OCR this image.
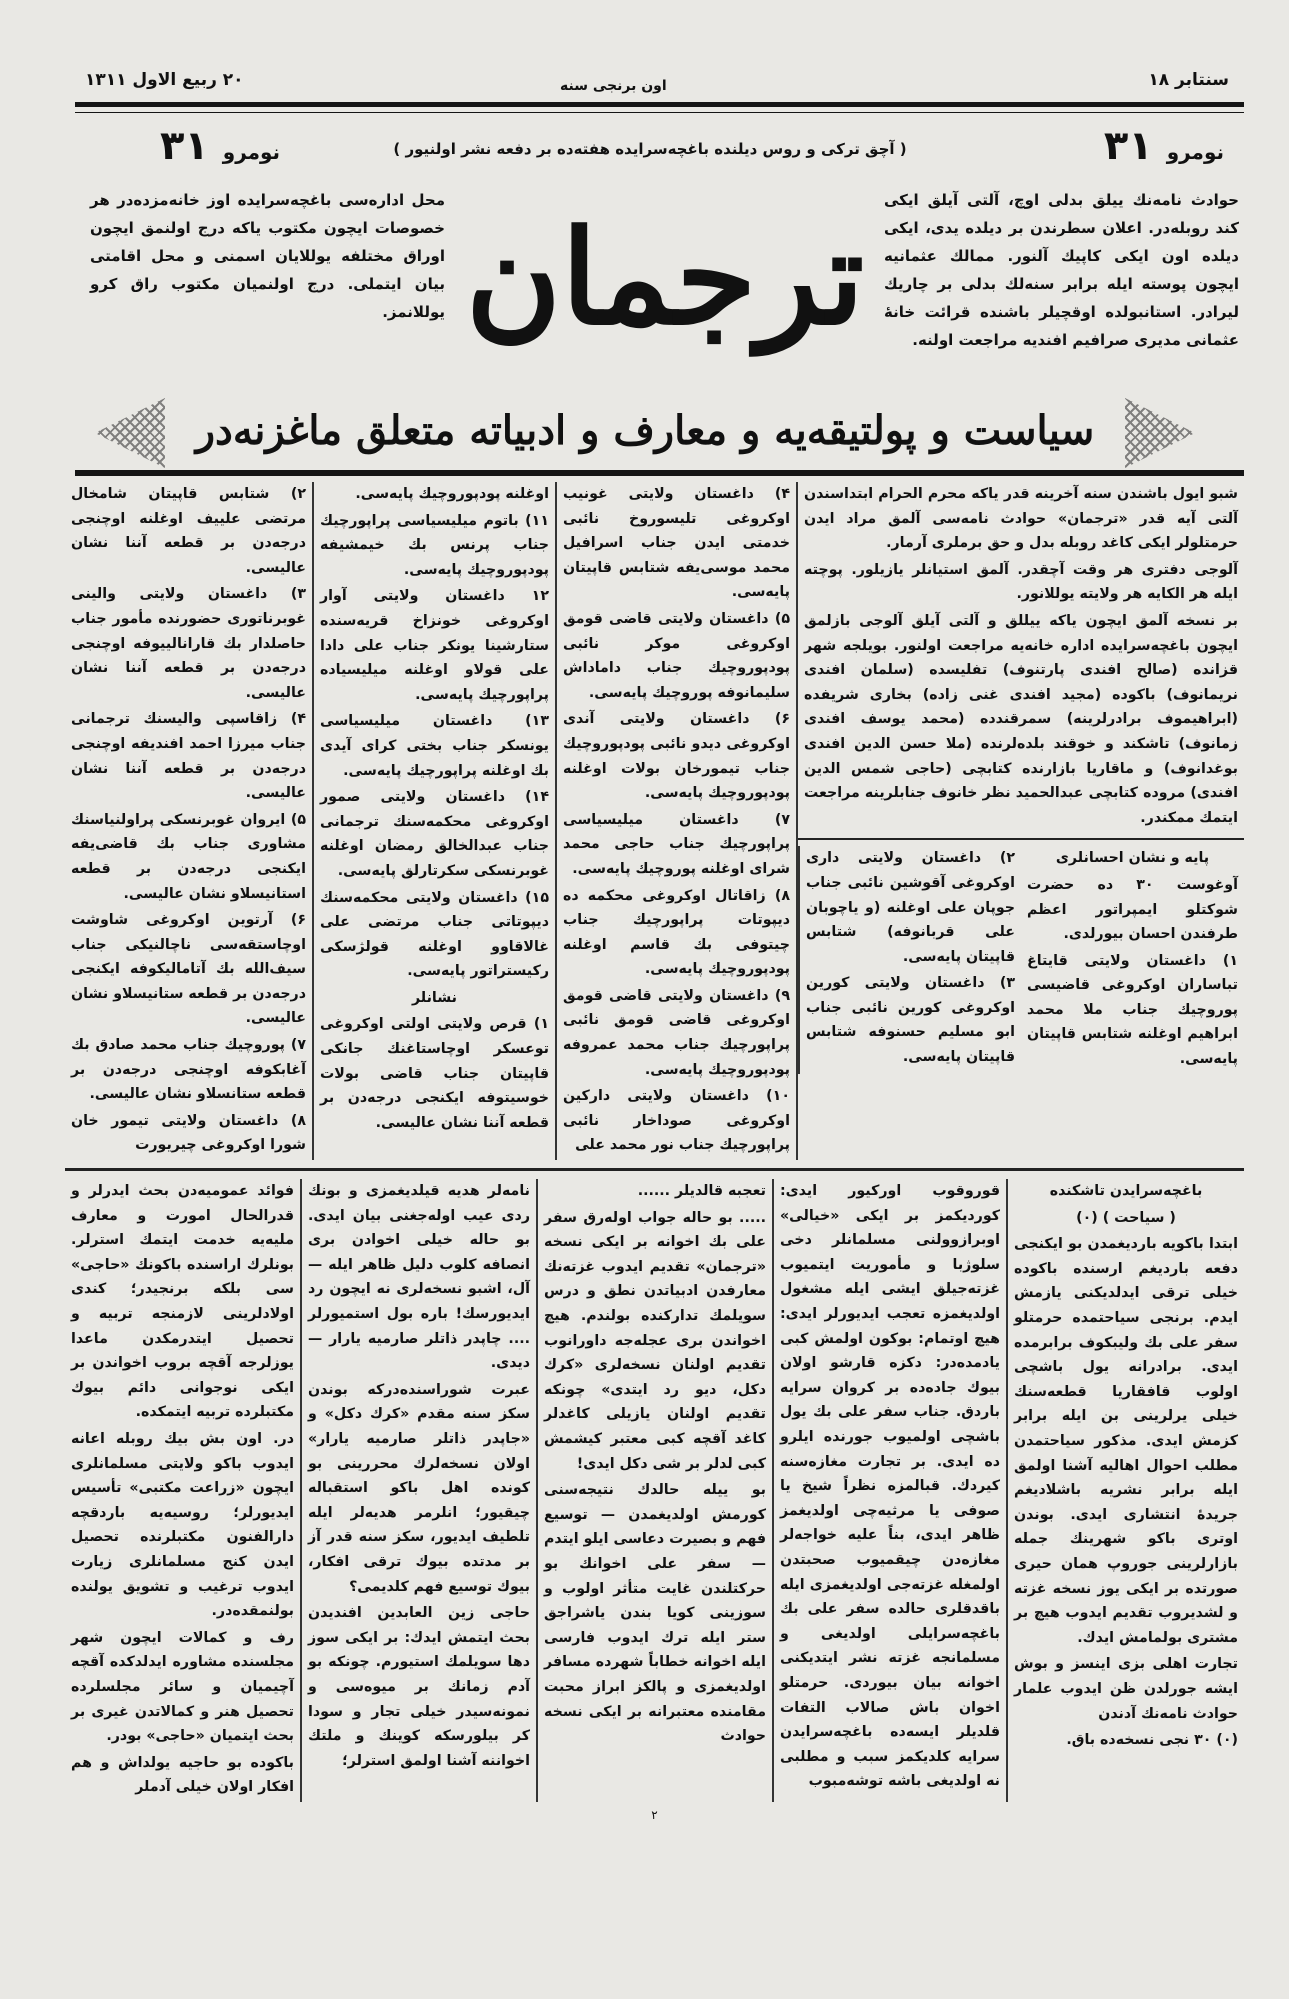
سنتابر ۱۸
اون برنجی سنه
۲۰ ربیع الاول ۱۳۱۱
نومرو ۳۱
نومرو ۳۱	( آچق ترکی و روس دیلنده باغچه‌سرایده هفته‌ده بر دفعه نشر اولنیور )
محل اداره‌سی باغچه‌سرایده اوز خانه‌مزده‌در هر خصوصات ایچون مکتوب یاکه درج اولنمق ایچون اوراق مختلفه یوللایان اسمنی و محل اقامتی بیان ایتملی. درج اولنمیان مکتوب راق کرو یوللانمز.
حوادث نامه‌نك ییلق بدلی اوچ، آلتی آیلق ایکی کند روبله‌در. اعلان سطرندن بر دیلده یدی، ایکی دیلده اون ایکی کاپیك آلنور. ممالك عثمانیه ایچون پوسته ایله برابر سنه‌لك بدلی بر چاریك لیرادر. استانبولده اوقچیلر باشنده قرائت خانهٔ عثمانی مدیری صرافیم افندیه مراجعت اولنه.
ترجمان
سیاست و پولتیقه‌یه و معارف و ادبیاته متعلق ماغزنه‌در

شبو ایول باشندن سنه آخرینه قدر یاکه محرم الحرام ابتداسندن آلتی آیه قدر «ترجمان» حوادث نامه‌سی آلمق مراد ایدن حرمتلولر ایکی کاغد روبله بدل و حق برملری آرمار.

آلوجی دفتری هر وقت آچقدر. آلمق استیانلر یازیلور. پوچته ایله هر الکایه هر ولایته یوللانور.

بر نسخه آلمق ایچون یاکه ییللق و آلتی آیلق آلوجی بازلمق ایچون باغچه‌سرایده اداره خانه‌یه مراجعت اولنور. بویلجه شهر قزانده (صالح افندی پارتنوف) تفلیسده (سلمان افندی نریمانوف) باکوده (مجید افندی غنی زاده) بخاری شریفده (ابراهیموف برادرلرینه) سمرقندده (محمد یوسف افندی زمانوف) تاشکند و خوقند بلده‌لرنده (ملا حسن الدین افندی بوغدانوف) و ماقاریا بازارنده کتابچی (حاجی شمس الدین افندی) مروده کتابچی عبدالحمید نظر خانوف جنابلرینه مراجعت ایتمك ممکندر.

پایه و نشان احسانلری

آوغوست ۳۰ ده حضرت شوکتلو ایمپراتور اعظم طرفندن احسان بیورلدی.

۱) داغستان ولایتی قایتاغ تباساران اوکروغی قاضیسی پوروچیك جناب ملا محمد ابراهیم اوغلنه شتابس قاپیتان پایه‌سی.

۲) داغستان ولایتی داری اوکروغی آقوشین نائبی جناب جوپان علی اوغلنه (و یاچوبان علی قربانوفه) شتابس قاپیتان پایه‌سی.

۳) داغستان ولایتی کورین اوکروغی کورین نائبی جناب ابو مسلیم حسنوفه شتابس قاپیتان پایه‌سی.

۴) داغستان ولایتی غونیب اوکروغی تلیسوروخ نائبی خدمتی ایدن جناب اسرافیل محمد موسی‌یفه شتابس قاپیتان پایه‌سی.

۵) داغستان ولایتی قاضی قومق اوکروغی موکر نائبی پودپوروچیك جناب داماداش سلیمانوفه پوروچیك پایه‌سی.

۶) داغستان ولایتی آندی اوکروغی دیدو نائبی پودپوروچیك جناب تیمورخان بولات اوغلنه پودپوروچیك پایه‌سی.

۷) داغستان میلیسیاسی پراپورچیك جناب حاجی محمد شرای اوغلنه پوروچیك پایه‌سی.

۸) زاقاتال اوکروغی محکمه ده دیپوتات پراپورچیك جناب چیتوفی بك قاسم اوغلنه پودپوروچیك پایه‌سی.

۹) داغستان ولایتی قاضی قومق اوکروغی قاضی قومق نائبی پراپورچیك جناب محمد عمروفه پودپوروچیك پایه‌سی.

۱۰) داغستان ولایتی دارکین اوکروغی صوداخار نائبی پراپورچیك جناب نور محمد علی

اوغلنه پودپوروچیك پایه‌سی.

۱۱) باتوم میلیسیاسی پراپورچیك جناب پرنس بك خیمشیفه پودپوروچیك پایه‌سی.

۱۲ داغستان ولایتی آوار اوکروغی خونزاخ قریه‌سنده ستارشینا یونکر جناب علی دادا علی قولاو اوغلنه میلیسیاده پراپورچیك پایه‌سی.

۱۳) داغستان میلیسیاسی یونسکر جناب بختی کرای آیدی بك اوغلنه پراپورچیك پایه‌سی.

۱۴) داغستان ولایتی صمور اوکروغی محکمه‌سنك ترجمانی جناب عبدالخالق رمضان اوغلنه غوبرنسکی سکرتارلق پایه‌سی.

۱۵) داغستان ولایتی محکمه‌سنك دیپوتاتی جناب مرتضی علی غالاقاوو اوغلنه قولژسکی رکیستراتور پایه‌سی.

نشانلر

۱) قرص ولایتی اولتی اوکروغی توعسکر اوچاستاغنك جانکی قاپیتان جناب قاضی بولات خوسیتوفه ایکنجی درجه‌دن بر قطعه آننا نشان عالیسی.

۲) شتابس قاپیتان شامخال مرتضی علییف اوغلنه اوچنجی درجه‌دن بر قطعه آننا نشان عالیسی.

۳) داغستان ولایتی والینی غوبرناتوری حضورنده مأمور جناب حاصلدار بك قارانالییوفه اوچنجی درجه‌دن بر قطعه آننا نشان عالیسی.

۴) زاقاسپی والیسنك ترجمانی جناب میرزا احمد افندیفه اوچنجی درجه‌دن بر قطعه آننا نشان عالیسی.

۵) ایروان غوبرنسکی پراولنیاسنك مشاوری جناب بك قاضی‌یفه ایکنجی درجه‌دن بر قطعه استانیسلاو نشان عالیسی.

۶) آرتوین اوکروغی شاوشت اوچاستقه‌سی ناچالنیکی جناب سیف‌الله بك آتامالیکوفه ایکنجی درجه‌دن بر قطعه ستانیسلاو نشان عالیسی.

۷) پوروچیك جناب محمد صادق بك آغابکوفه اوچنجی درجه‌دن بر قطعه ستانسلاو نشان عالیسی.

۸) داغستان ولایتی تیمور خان شورا اوکروغی چیریورت

باغچه‌سرایدن تاشکنده

( سیاحت ) (۰)

ابتدا باکویه بارديغمدن بو ایکنجی دفعه بارديغم ارسنده باکوده خیلی ترقی ایدلدیکنی یازمش ایدم. برنجی سیاحتمده حرمتلو سفر علی بك ولیبکوف برابرمده ایدی. برادرانه یول باشچی اولوب قافقاریا قطعه‌سنك خیلی یرلرینی بن ایله برابر کزمش ایدی. مذکور سیاحتمدن مطلب احوال اهالیه آشنا اولمق ایله برابر نشریه باشلادیغم جریدهٔ انتشاری ایدی. بوندن اوتری باکو شهرینك جمله بازارلرینی جوروپ همان حیری صورتده بر ایکی یوز نسخه غزته و لشدیروب تقدیم ایدوب هیچ بر مشتری بولمامش ایدك.

تجارت اهلی بزی اینسز و بوش ایشه جورلدن ظن ایدوب علمار حوادث نامه‌نك آدندن

(۰) ۳۰ نجی نسخه‌ده باق.

قوروقوب اورکیور ایدی: کوردیکمز بر ایکی «خیالی» اوبرازوولنی مسلمانلر دخی سلوژبا و مأموریت ایتمیوب غزته‌جیلق ایشی ایله مشغول اولدیغمزه تعجب ایدیورلر ایدی: هیچ اوتمام: بوکون اولمش کبی یادمده‌در: دکزه قارشو اولان بیوك جاده‌ده بر کروان سرایه باردق. جناب سفر علی بك یول باشچی اولمیوب جورنده ایلرو ده ایدی. بر تجارت مغازه‌سنه کیردك. قبالمزه نظراً شیخ یا صوفی یا مرثیه‌چی اولدیغمز ظاهر ایدی، بناً علیه خواجه‌لر مغازه‌دن چیقمیوب صحبتدن اولمغله غزته‌جی اولدیغمزی ایله باقدقلری حالده سفر علی بك باغچه‌سرایلی اولدیغی و مسلمانجه غزته نشر ایتدیکنی اخوانه بیان بیوردی. حرمتلو اخوان باش صالاب التفات قلدیلر ایسه‌ده باغچه‌سرایدن سرایه کلدیکمز سبب و مطلبی نه اولدیغی باشه توشه‌مبوب

تعجبه قالدیلر ......

..... بو حاله جواب اوله‌رق سفر علی بك اخوانه بر ایکی نسخه «ترجمان» تقدیم ایدوب غزته‌نك معارفدن ادبیاتدن نطق و درس سویلمك تدارکنده بولندم. هیچ اخواندن بری عجله‌جه داورانوب تقدیم اولنان نسخه‌لری «کرك دکل، دیو رد ایتدی» چونکه تقدیم اولنان یازیلی کاغدلر کاغد آقچه کبی معتبر کیشمش کبی لدلر بر شی دکل ایدی!

بو ییله حالدك نتیجه‌سنی کورمش اولدیغمدن — توسیع فهم و بصیرت دعاسی ایلو ایتدم — سفر علی اخوانك بو حرکتلندن غایت متأثر اولوب و سوزینی کویا بندن یاشراجق ستر ایله ترك ایدوب فارسی ایله اخوانه خطاباً شهرده مسافر اولدیغمزی و پالکز ابراز محبت مقامنده معتبرانه بر ایکی نسخه حوادث

نامه‌لر هدیه قیلدیغمزی و بونك ردی عیب اوله‌جغنی بیان ایدی. بو حاله خیلی اخوادن بری انصافه کلوب دلیل ظاهر ایله — آل، اشبو نسخه‌لری نه ایچون رد ایدیورسك! باره بول استمیورلر .... چاپدر ذاتلر صارمیه یارار — دیدی.

عبرت شوراسنده‌درکه بوندن سکز سنه مقدم «کرك دکل» و «جاپدر ذاتلر صارمیه یارار» اولان نسخه‌لرك محررینی بو کونده اهل باکو استقباله چیقیور؛ انلرمر هدیه‌لر ایله تلطیف ایدیور، سکز سنه قدر آز بر مدتده بیوك ترقی افکار، بیوك توسیع فهم کلدیمی؟

حاجی زین العابدین افندیدن بحث ایتمش ایدك: بر ایکی سوز دها سویلمك استیورم. چونکه بو آدم زمانك بر میوه‌سی و نمونه‌سیدر خیلی تجار و سودا کر بیلورسکه کوینك و ملتك اخواننه آشنا اولمق استرلر؛

فوائد عمومیه‌دن بحث ایدرلر و قدرالحال امورت و معارف ملیه‌یه خدمت ایتمك استرلر. بونلرك اراسنده باکونك «حاجی» سی بلکه برنجیدر؛ کندی اولادلرینی لازمنجه تربیه و تحصیل ایتدرمکدن ماعدا یوزلرجه آقچه بروب اخواندن بر ایکی نوجوانی دائم بیوك مکتبلرده تربیه ایتمکده.

در. اون بش بیك روبله اعانه ایدوب باکو ولایتی مسلمانلری ایچون «زراعت مکتبی» تأسیس ایدیورلر؛ روسیه‌یه باردقچه دارالفنون مکتبلرنده تحصیل ایدن کنج مسلمانلری زیارت ایدوب ترغیب و تشویق یولنده بولنمقده‌در.

رف و کمالات ایچون شهر مجلسنده مشاوره ایدلدکده آقچه آچیمیان و سائر مجلسلرده تحصیل هنر و کمالاتدن غیری بر بحث ایتمیان «حاجی» بودر.

باکوده بو حاجیه یولداش و هم افکار اولان خیلی آدملر

۲
